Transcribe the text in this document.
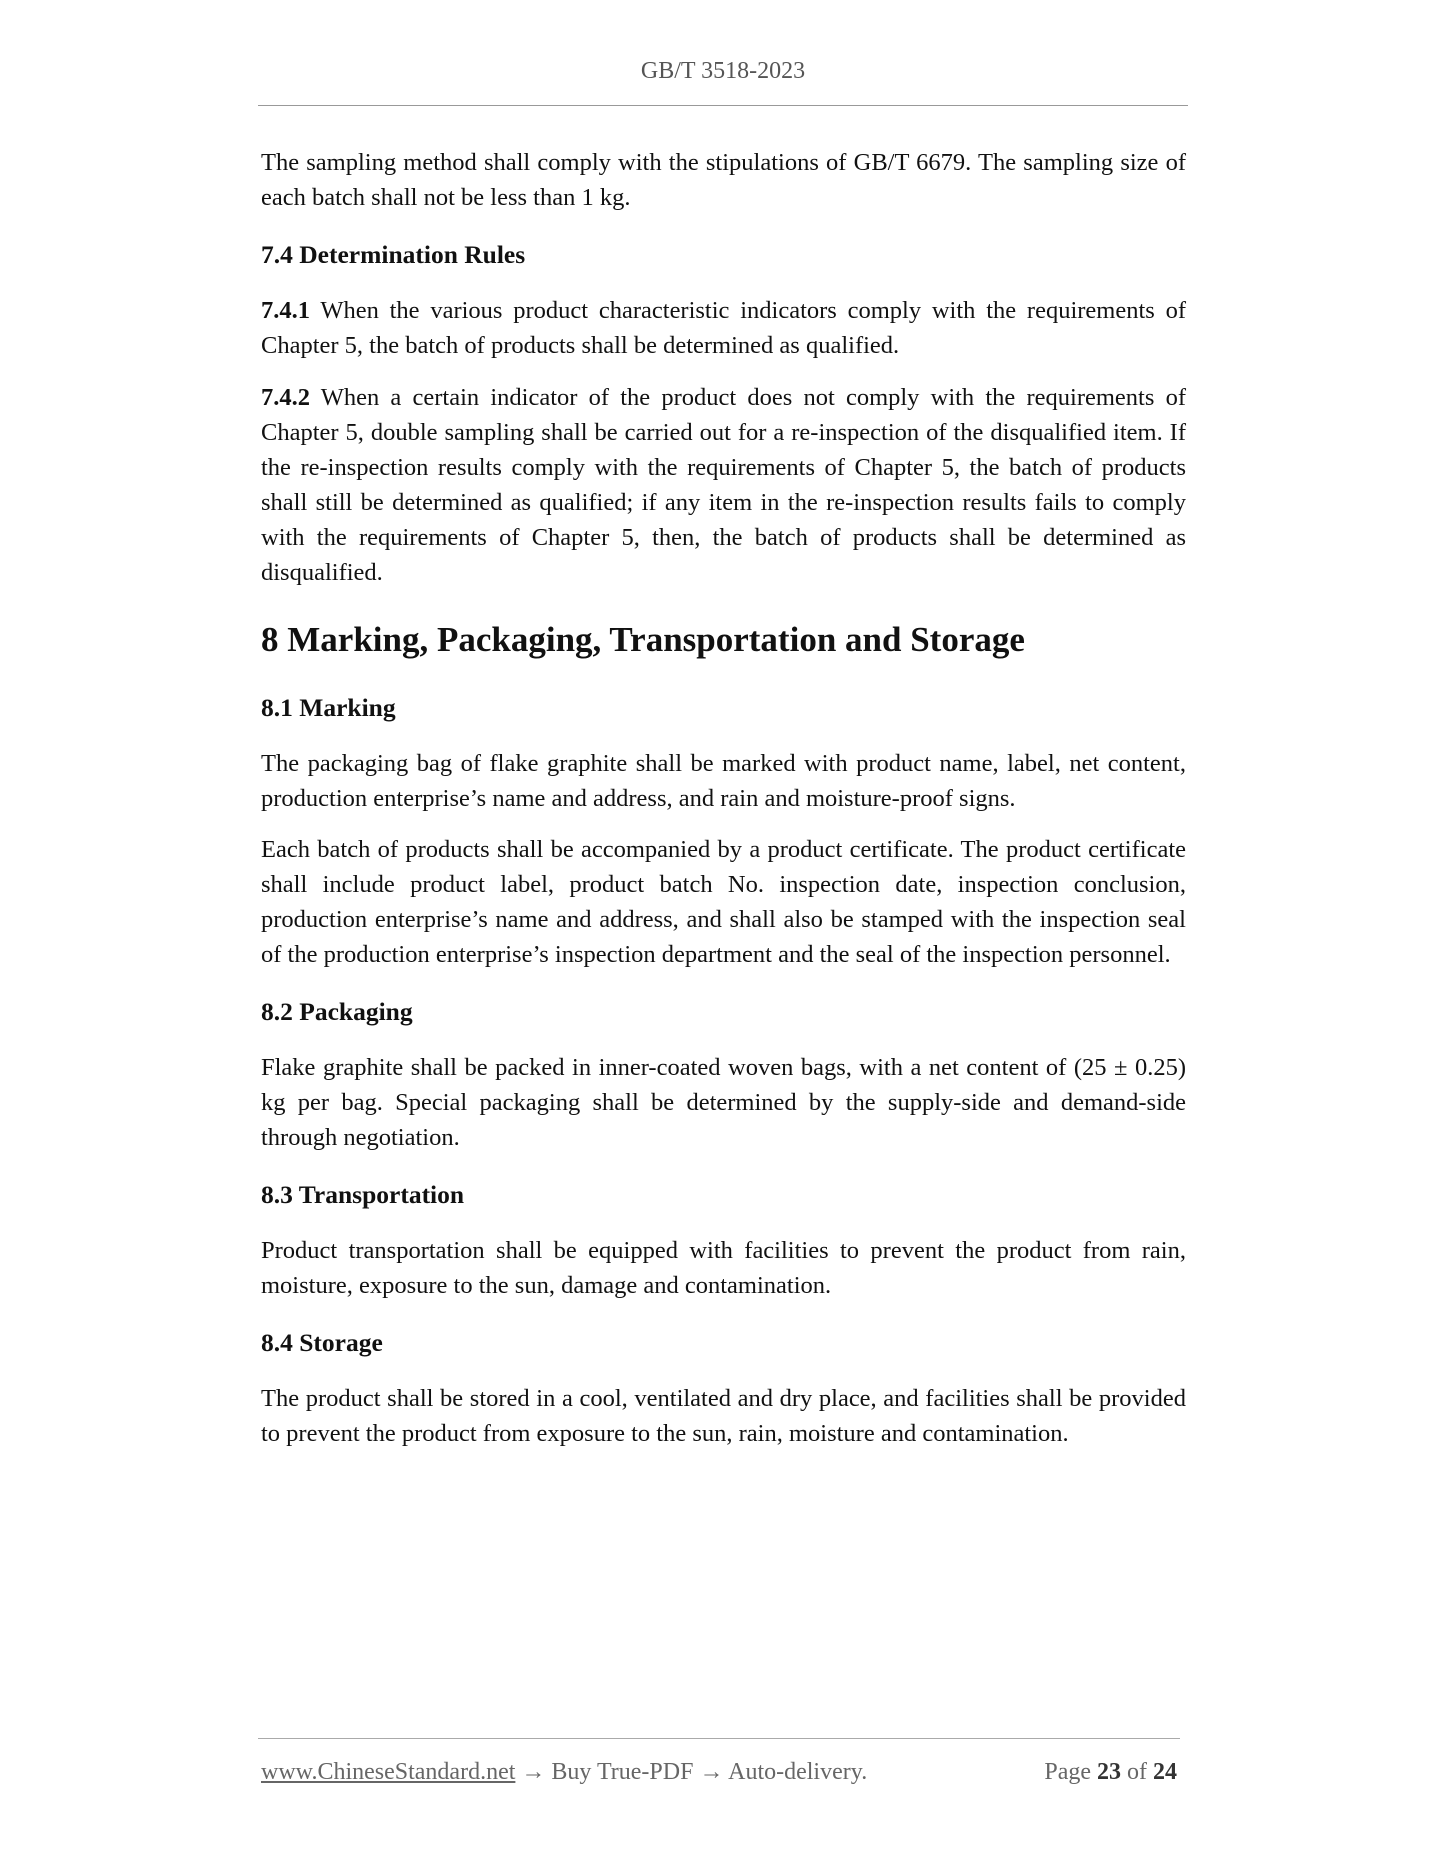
GB/T 3518-2023

The sampling method shall comply with the stipulations of GB/T 6679. The sampling size of each batch shall not be less than 1 kg.

7.4 Determination Rules

7.4.1 When the various product characteristic indicators comply with the requirements of Chapter 5, the batch of products shall be determined as qualified.

7.4.2 When a certain indicator of the product does not comply with the requirements of Chapter 5, double sampling shall be carried out for a re-inspection of the disqualified item. If the re-inspection results comply with the requirements of Chapter 5, the batch of products shall still be determined as qualified; if any item in the re-inspection results fails to comply with the requirements of Chapter 5, then, the batch of products shall be determined as disqualified.

8 Marking, Packaging, Transportation and Storage
8.1 Marking

The packaging bag of flake graphite shall be marked with product name, label, net content, production enterprise’s name and address, and rain and moisture-proof signs.

Each batch of products shall be accompanied by a product certificate. The product certificate shall include product label, product batch No. inspection date, inspection conclusion, production enterprise’s name and address, and shall also be stamped with the inspection seal of the production enterprise’s inspection department and the seal of the inspection personnel.

8.2 Packaging

Flake graphite shall be packed in inner-coated woven bags, with a net content of (25 ± 0.25) kg per bag. Special packaging shall be determined by the supply-side and demand-side through negotiation.

8.3 Transportation

Product transportation shall be equipped with facilities to prevent the product from rain, moisture, exposure to the sun, damage and contamination.

8.4 Storage

The product shall be stored in a cool, ventilated and dry place, and facilities shall be provided to prevent the product from exposure to the sun, rain, moisture and contamination.

www.ChineseStandard.net → Buy True-PDF → Auto-delivery.	Page 23 of 24
